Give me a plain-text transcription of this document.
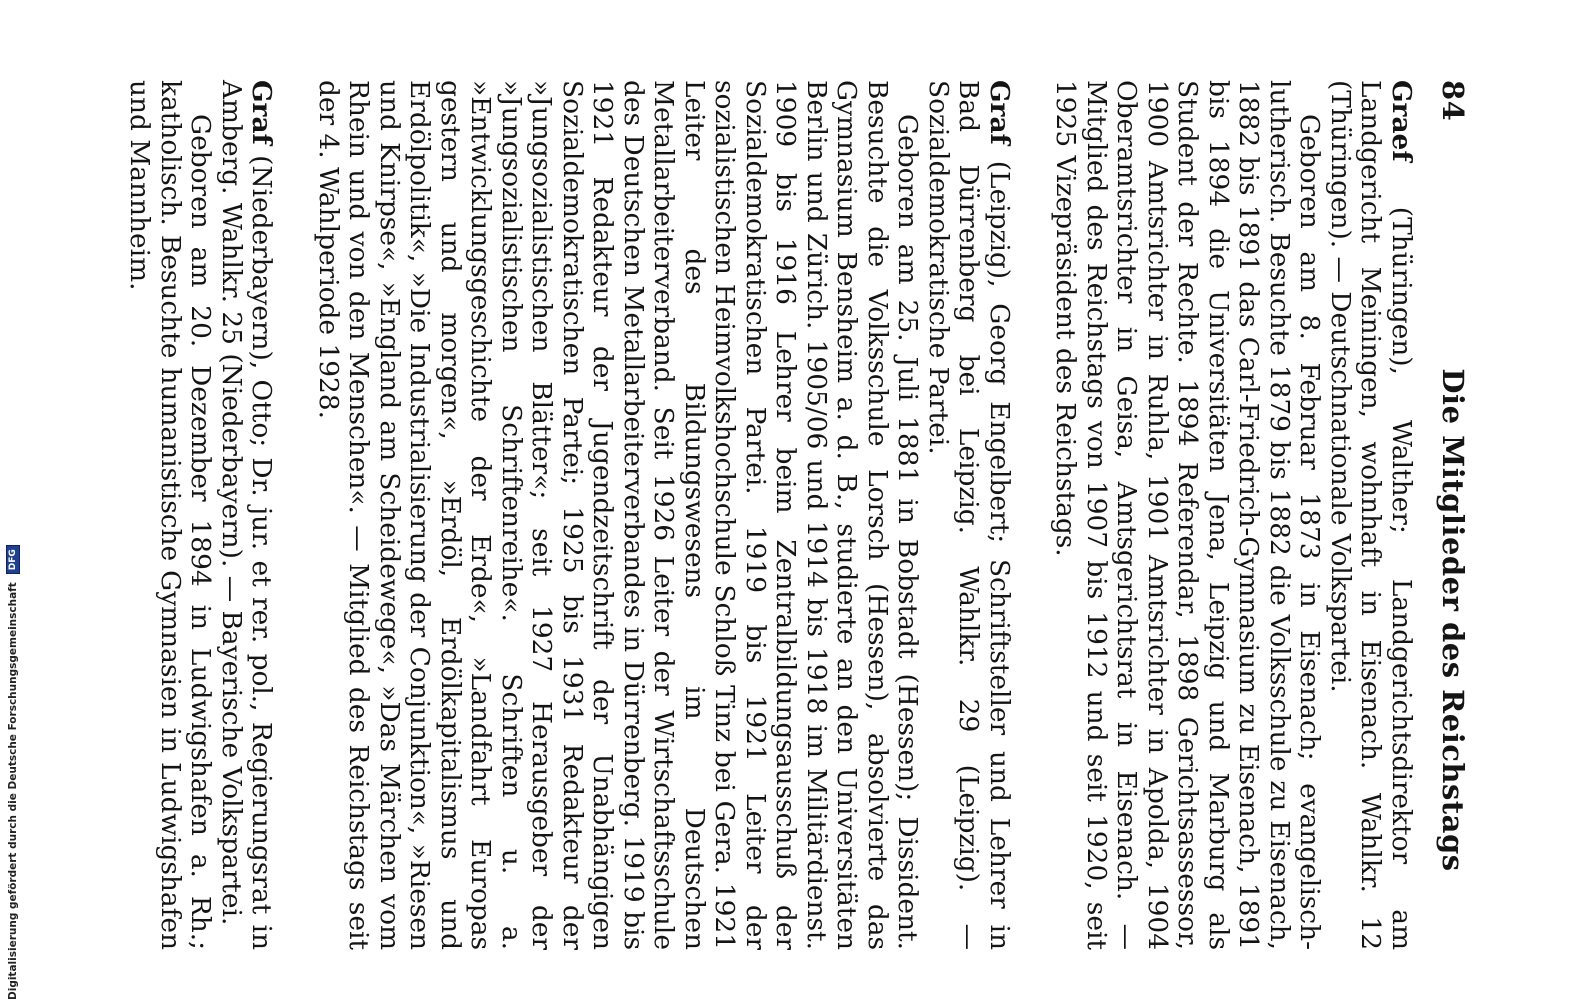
84
Die Mitglieder des Reichstags

Graef (Thüringen), Walther; Landgerichtsdirektor am Landgericht Meiningen, wohnhaft in Eisenach. Wahlkr. 12 (Thüringen). — Deutschnationale Volkspartei.

Geboren am 8. Februar 1873 in Eisenach; evangelisch-lutherisch. Besuchte 1879 bis 1882 die Volksschule zu Eisenach, 1882 bis 1891 das Carl-Friedrich-Gymnasium zu Eisenach, 1891 bis 1894 die Universitäten Jena, Leipzig und Marburg als Student der Rechte. 1894 Referendar, 1898 Gerichtsassessor, 1900 Amtsrichter in Ruhla, 1901 Amtsrichter in Apolda, 1904 Oberamtsrichter in Geisa, Amtsgerichtsrat in Eisenach. — Mitglied des Reichstags von 1907 bis 1912 und seit 1920, seit 1925 Vizepräsident des Reichstags.

Graf (Leipzig), Georg Engelbert; Schriftsteller und Lehrer in Bad Dürrenberg bei Leipzig. Wahlkr. 29 (Leipzig). — Sozialdemokratische Partei.

Geboren am 25. Juli 1881 in Bobstadt (Hessen); Dissident. Besuchte die Volksschule Lorsch (Hessen), absolvierte das Gymnasium Bensheim a. d. B., studierte an den Universitäten Berlin und Zürich. 1905/06 und 1914 bis 1918 im Militärdienst. 1909 bis 1916 Lehrer beim Zentralbildungsausschuß der Sozialdemokratischen Partei. 1919 bis 1921 Leiter der sozialistischen Heimvolkshochschule Schloß Tinz bei Gera. 1921 Leiter des Bildungswesens im Deutschen Metallarbeiterverband. Seit 1926 Leiter der Wirtschaftsschule des Deutschen Metallarbeiterverbandes in Dürrenberg. 1919 bis 1921 Redakteur der Jugendzeitschrift der Unabhängigen Sozialdemokratischen Partei; 1925 bis 1931 Redakteur der »Jungsozialistischen Blätter«; seit 1927 Herausgeber der »Jungsozialistischen Schriftenreihe«. Schriften u. a. »Entwicklungsgeschichte der Erde«, »Landfahrt Europas gestern und morgen«, »Erdöl, Erdölkapitalismus und Erdölpolitik«, »Die Industrialisierung der Conjunktion«, »Riesen und Knirpse«, »England am Scheidewege«, »Das Märchen vom Rhein und von den Menschen«. — Mitglied des Reichstags seit der 4. Wahlperiode 1928.

Graf (Niederbayern), Otto; Dr. jur. et rer. pol., Regierungsrat in Amberg. Wahlkr. 25 (Niederbayern). — Bayerische Volkspartei.

Geboren am 20. Dezember 1894 in Ludwigshafen a. Rh.; katholisch. Besuchte humanistische Gymnasien in Ludwigshafen und Mannheim.

Digitalisierung gefördert durch die Deutsche Forschungsgemeinschaft
DFG
